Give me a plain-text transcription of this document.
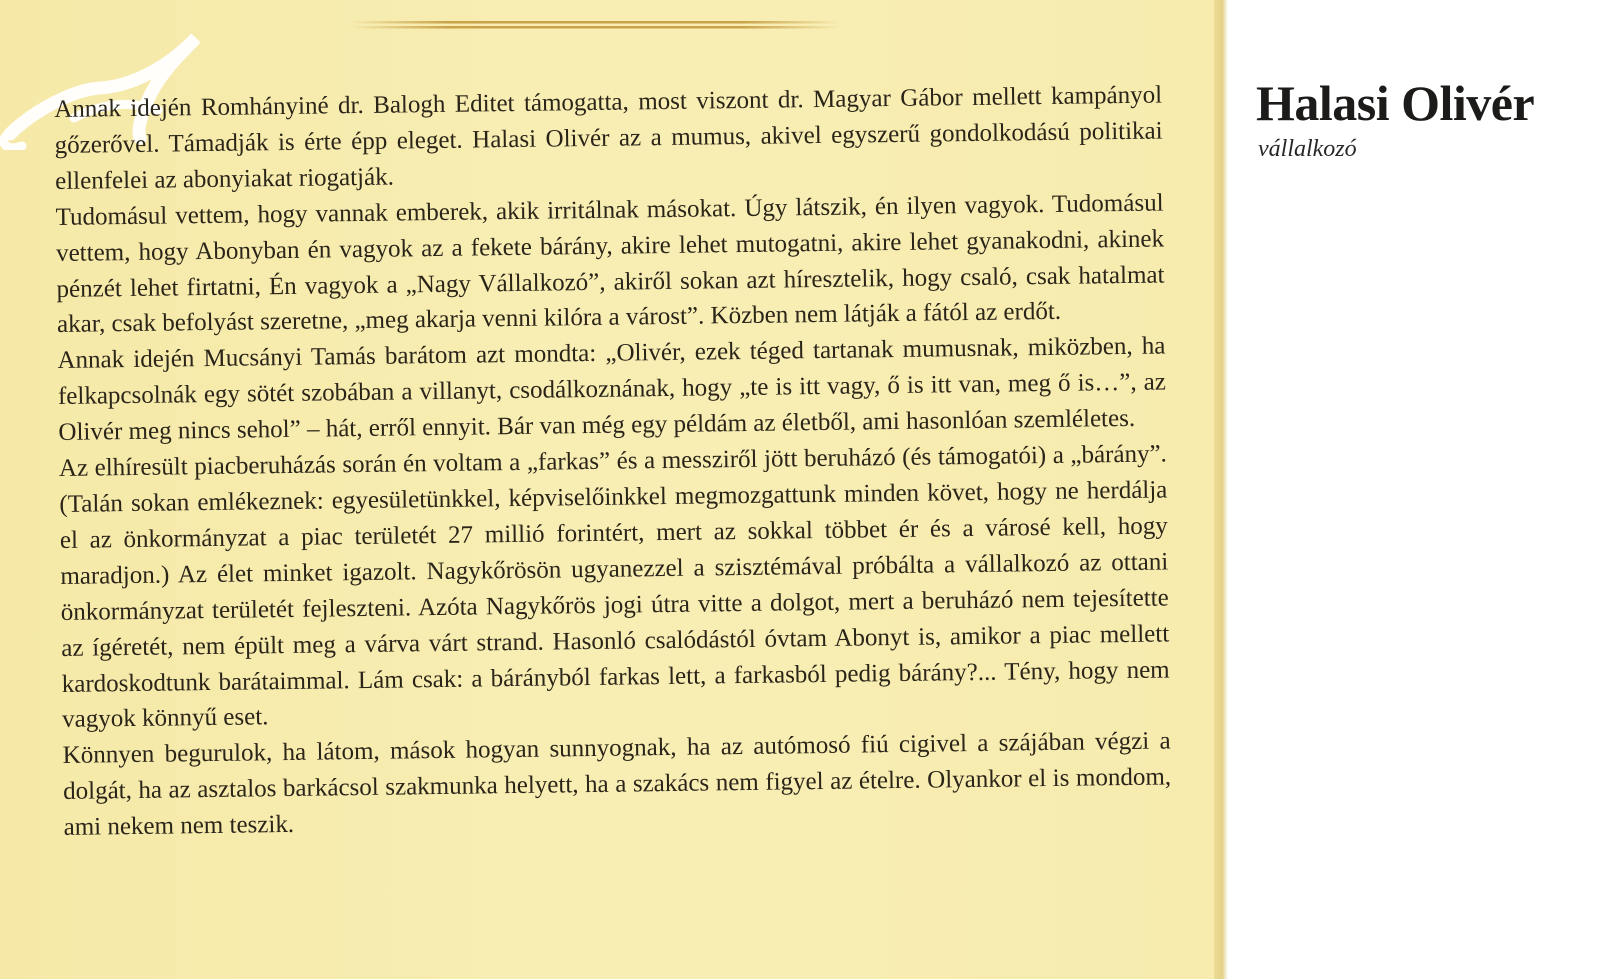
Annak idején Romhányiné dr. Balogh Editet támogatta, most viszont dr. Magyar Gábor mellett kampányol gőzerővel. Támadják is érte épp eleget. Halasi Olivér az a mumus, akivel egyszerű gondolkodású politikai ellenfelei az abonyiakat riogatják.

Tudomásul vettem, hogy vannak emberek, akik irritálnak másokat. Úgy látszik, én ilyen vagyok. Tudomásul vettem, hogy Abonyban én vagyok az a fekete bárány, akire lehet mutogatni, akire lehet gyanakodni, akinek pénzét lehet firtatni, Én vagyok a „Nagy Vállalkozó”, akiről sokan azt híresztelik, hogy csaló, csak hatalmat akar, csak befolyást szeretne, „meg akarja venni kilóra a várost”. Közben nem látják a fától az erdőt.

Annak idején Mucsányi Tamás barátom azt mondta: „Olivér, ezek téged tartanak mumusnak, miközben, ha felkapcsolnák egy sötét szobában a villanyt, csodálkoznának, hogy „te is itt vagy, ő is itt van, meg ő is…”, az Olivér meg nincs sehol” – hát, erről ennyit. Bár van még egy példám az életből, ami hasonlóan szemléletes.

Az elhíresült piacberuházás során én voltam a „farkas” és a messziről jött beruházó (és támogatói) a „bárány”. (Talán sokan emlékeznek: egyesületünkkel, képviselőinkkel megmozgattunk minden követ, hogy ne herdálja el az önkormányzat a piac területét 27 millió forintért, mert az sokkal többet ér és a városé kell, hogy maradjon.) Az élet minket igazolt. Nagykőrösön ugyanezzel a szisztémával próbálta a vállalkozó az ottani önkormányzat területét fejleszteni. Azóta Nagykőrös jogi útra vitte a dolgot, mert a beruházó nem tejesítette az ígéretét, nem épült meg a várva várt strand. Hasonló csalódástól óvtam Abonyt is, amikor a piac mellett kardoskodtunk barátaimmal. Lám csak: a bárányból farkas lett, a farkasból pedig bárány?... Tény, hogy nem vagyok könnyű eset.

Könnyen begurulok, ha látom, mások hogyan sunnyognak, ha az autómosó fiú cigivel a szájában végzi a dolgát, ha az asztalos barkácsol szakmunka helyett, ha a szakács nem figyel az ételre. Olyankor el is mondom, ami nekem nem teszik.

Halasi Olivér
vállalkozó
